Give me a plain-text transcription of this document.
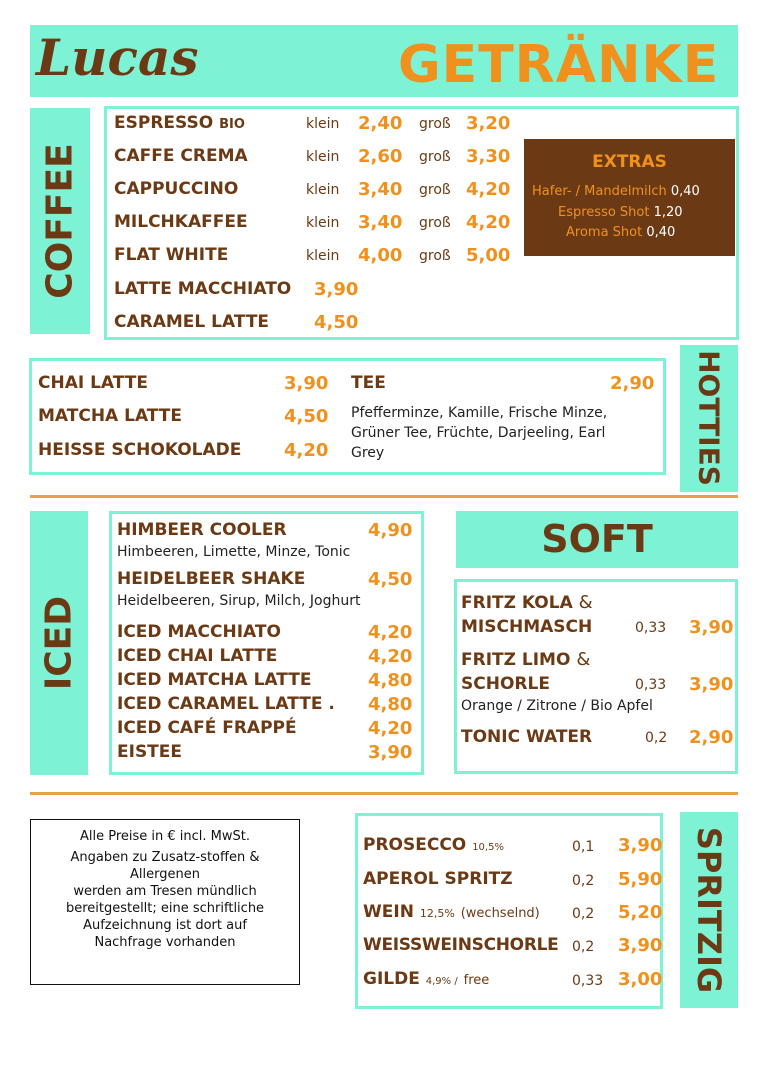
Lucas	GETRÄNKE
COFFEE
ESPRESSO BIO	klein 2,40 groß 3,20
CAFFE CREMA	klein 2,60 groß 3,30
CAPPUCCINO	klein 3,40 groß 4,20
MILCHKAFFEE	klein 3,40 groß 4,20
FLAT WHITE	klein 4,00 groß 5,00
LATTE MACCHIATO 3,90
CARAMEL LATTE 4,50
EXTRAS
Hafer- / Mandelmilch 0,40
Espresso Shot 1,20
Aroma Shot 0,40
HOTTIES
CHAI LATTE	3,90
MATCHA LATTE	4,50
HEISSE SCHOKOLADE 4,20
TEE	2,90
Pfefferminze, Kamille, Frische Minze,
Grüner Tee, Früchte, Darjeeling, Earl
Grey
ICED
HIMBEER COOLER	4,90
Himbeeren, Limette, Minze, Tonic
HEIDELBEER SHAKE	4,50
Heidelbeeren, Sirup, Milch, Joghurt
ICED MACCHIATO	4,20
ICED CHAI LATTE	4,20
ICED MATCHA LATTE	4,80
ICED CARAMEL LATTE . 4,80
ICED CAFÉ FRAPPÉ	4,20
EISTEE	3,90
SOFT
FRITZ KOLA &
MISCHMASCH	0,33 3,90
FRITZ LIMO &
SCHORLE	0,33 3,90
Orange / Zitrone / Bio Apfel
TONIC WATER	0,2 2,90
Alle Preise in € incl. MwSt.
Angaben zu Zusatz-stoffen &
Allergenen
werden am Tresen mündlich
bereitgestellt; eine schriftliche
Aufzeichnung ist dort auf
Nachfrage vorhanden	SPRITZIG
PROSECCO 10,5%	0,1 3,90
APEROL SPRITZ	0,2 5,90
WEIN 12,5% (wechselnd) 0,2 5,20
WEISSWEINSCHORLE 0,2 3,90
GILDE 4,9% / free	0,33 3,00
